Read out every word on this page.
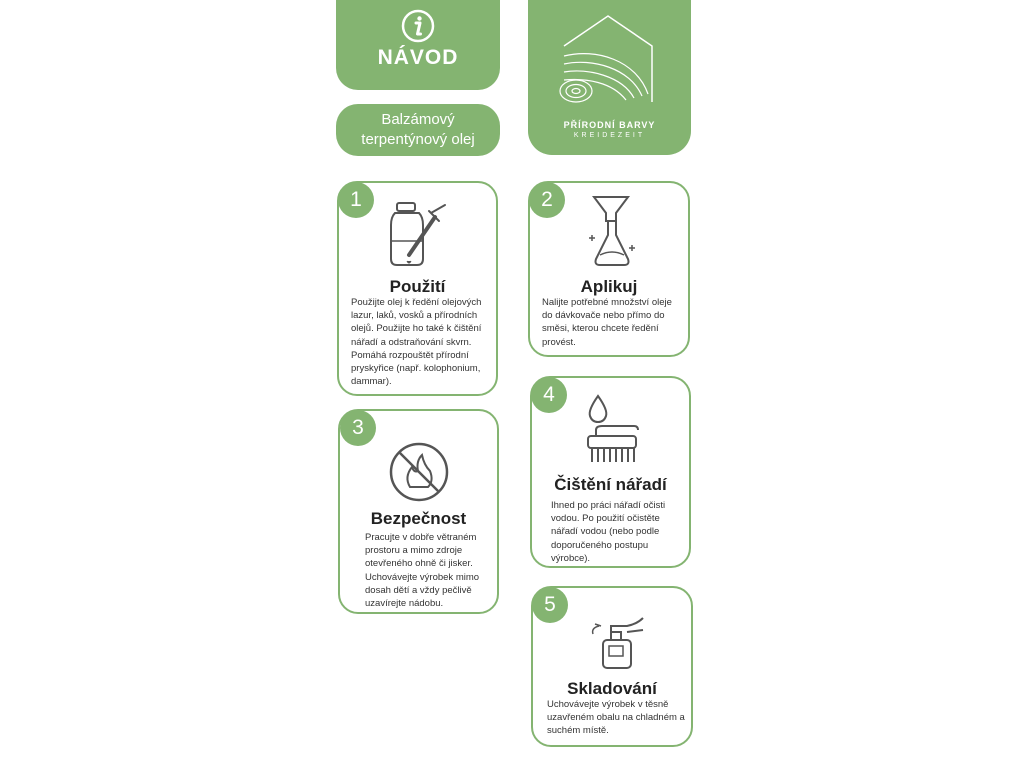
NÁVOD
Balzámový
terpentýnový olej
PŘÍRODNÍ BARVY
KREIDEZEIT
1
Použití
Použijte olej k ředění olejových lazur, laků, vosků a přírodních olejů. Použijte ho také k čištění nářadí a odstraňování skvrn. Pomáhá rozpouštět přírodní pryskyřice (např. kolophonium, dammar).
2
Aplikuj
Nalijte potřebné množství oleje do dávkovače nebo přímo do směsi, kterou chcete ředění provést.
3
Bezpečnost
Pracujte v dobře větraném prostoru a mimo zdroje otevřeného ohně či jisker. Uchovávejte výrobek mimo dosah dětí a vždy pečlivě uzavírejte nádobu.
4
Čištění nářadí
Ihned po práci nářadí očisti vodou. Po použití očistěte nářadí vodou (nebo podle doporučeného postupu výrobce).
5
Skladování
Uchovávejte výrobek v těsně uzavřeném obalu na chladném a suchém místě.
